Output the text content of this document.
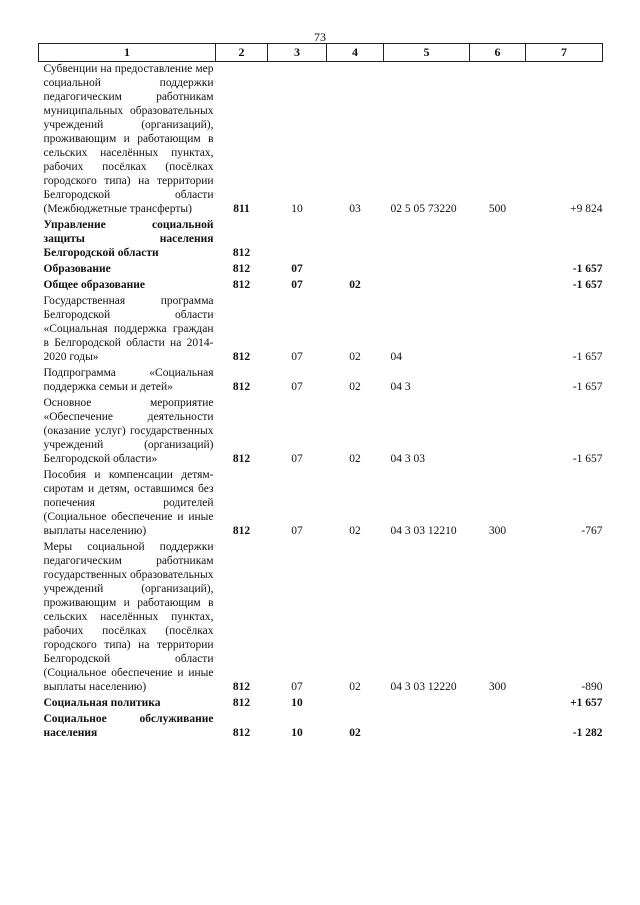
73
1	2	3	4	5	6	7
Субвенции на предоставление мер социальной поддержки педагогическим работникам муниципальных образовательных учреждений (организаций), проживающим и работающим в сельских населённых пунктах, рабочих посёлках (посёлках городского типа) на территории Белгородской области (Межбюджетные трансферты)	811	10	03	02 5 05 73220	500	+9 824
Управление социальной защиты населения Белгородской области	812					
Образование	812	07				-1 657
Общее образование	812	07	02			-1 657
Государственная программа Белгородской области «Социальная поддержка граждан в Белгородской области на 2014-2020 годы»	812	07	02	04		-1 657
Подпрограмма «Социальная поддержка семьи и детей»	812	07	02	04 3		-1 657
Основное мероприятие «Обеспечение деятельности (оказание услуг) государственных учреждений (организаций) Белгородской области»	812	07	02	04 3 03		-1 657
Пособия и компенсации детям-сиротам и детям, оставшимся без попечения родителей (Социальное обеспечение и иные выплаты населению)	812	07	02	04 3 03 12210	300	-767
Меры социальной поддержки педагогическим работникам государственных образовательных учреждений (организаций), проживающим и работающим в сельских населённых пунктах, рабочих посёлках (посёлках городского типа) на территории Белгородской области (Социальное обеспечение и иные выплаты населению)	812	07	02	04 3 03 12220	300	-890
Социальная политика	812	10				+1 657
Социальное обслуживание населения	812	10	02			-1 282
